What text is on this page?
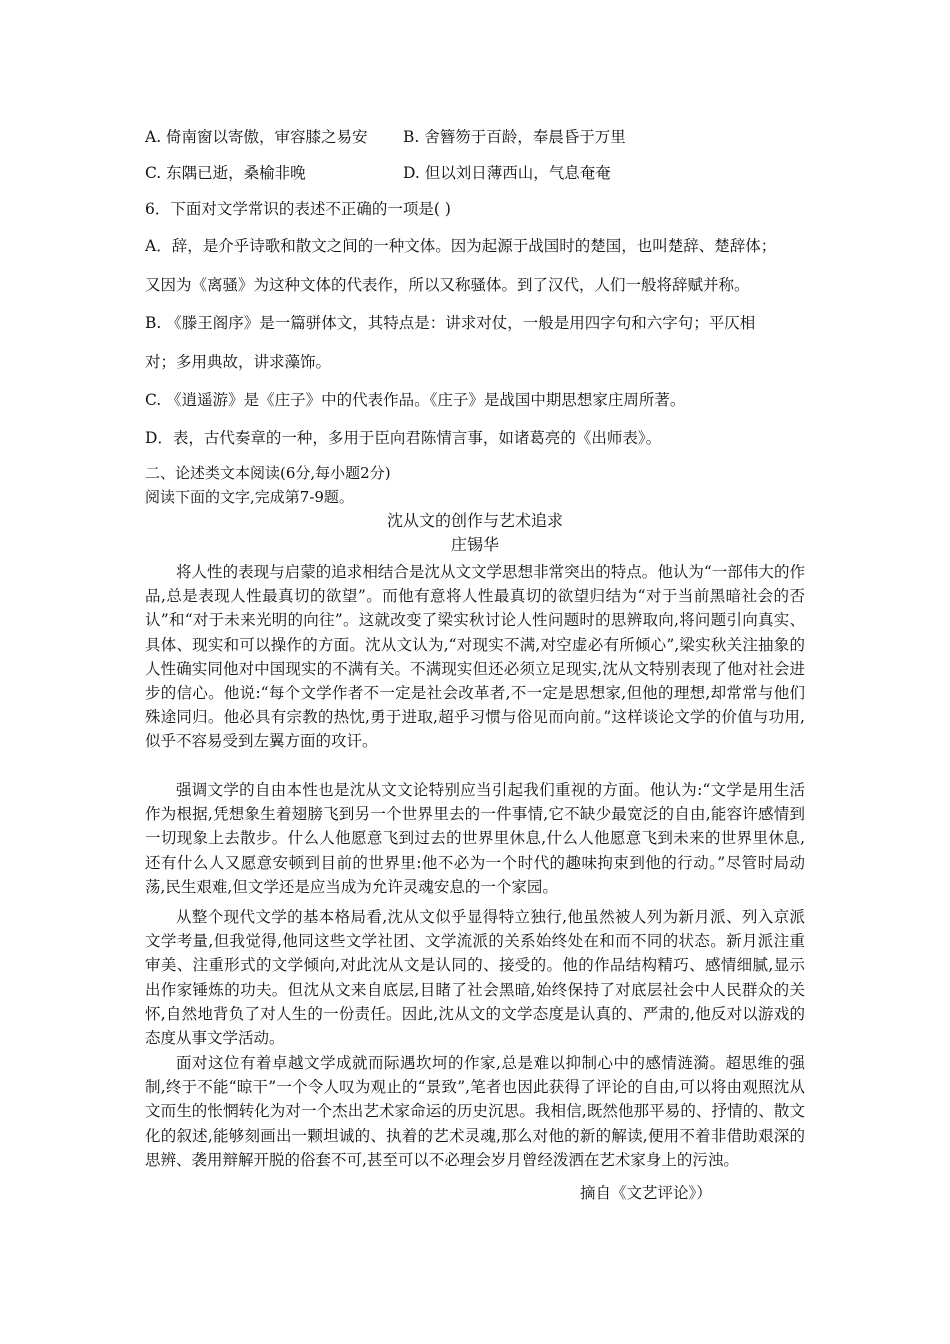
A. 倚南窗以寄傲，审容膝之易安 B. 舍簪笏于百龄，奉晨昏于万里
C. 东隅已逝，桑榆非晚	D. 但以刘日薄西山，气息奄奄
6．下面对文学常识的表述不正确的一项是( )
A．辞，是介乎诗歌和散文之间的一种文体。因为起源于战国时的楚国，也叫楚辞、楚辞体；
又因为《离骚》为这种文体的代表作，所以又称骚体。到了汉代，人们一般将辞赋并称。
B. 《滕王阁序》是一篇骈体文，其特点是：讲求对仗，一般是用四字句和六字句；平仄相
对；多用典故，讲求藻饰。
C. 《逍遥游》是《庄子》中的代表作品。《庄子》是战国中期思想家庄周所著。
D．表，古代奏章的一种，多用于臣向君陈情言事，如诸葛亮的《出师表》。
二、论述类文本阅读(6分,每小题2分)
阅读下面的文字,完成第7-9题。
沈从文的创作与艺术追求
庄锡华
将人性的表现与启蒙的追求相结合是沈从文文学思想非常突出的特点。他认为“一部伟大的作品,总是表现人性最真切的欲望”。而他有意将人性最真切的欲望归结为“对于当前黑暗社会的否认”和“对于未来光明的向往”。这就改变了梁实秋讨论人性问题时的思辨取向,将问题引向真实、具体、现实和可以操作的方面。沈从文认为,“对现实不满,对空虚必有所倾心”,梁实秋关注抽象的人性确实同他对中国现实的不满有关。不满现实但还必须立足现实,沈从文特别表现了他对社会进步的信心。他说:“每个文学作者不一定是社会改革者,不一定是思想家,但他的理想,却常常与他们殊途同归。他必具有宗教的热忱,勇于进取,超乎习惯与俗见而向前。”这样谈论文学的价值与功用,似乎不容易受到左翼方面的攻讦。
强调文学的自由本性也是沈从文文论特别应当引起我们重视的方面。他认为:“文学是用生活作为根据,凭想象生着翅膀飞到另一个世界里去的一件事情,它不缺少最宽泛的自由,能容许感情到一切现象上去散步。什么人他愿意飞到过去的世界里休息,什么人他愿意飞到未来的世界里休息,还有什么人又愿意安顿到目前的世界里:他不必为一个时代的趣味拘束到他的行动。”尽管时局动荡,民生艰难,但文学还是应当成为允许灵魂安息的一个家园。
从整个现代文学的基本格局看,沈从文似乎显得特立独行,他虽然被人列为新月派、列入京派文学考量,但我觉得,他同这些文学社团、文学流派的关系始终处在和而不同的状态。新月派注重审美、注重形式的文学倾向,对此沈从文是认同的、接受的。他的作品结构精巧、感情细腻,显示出作家锤炼的功夫。但沈从文来自底层,目睹了社会黑暗,始终保持了对底层社会中人民群众的关怀,自然地背负了对人生的一份责任。因此,沈从文的文学态度是认真的、严肃的,他反对以游戏的态度从事文学活动。
面对这位有着卓越文学成就而际遇坎坷的作家,总是难以抑制心中的感情涟漪。超思维的强制,终于不能“晾干”一个令人叹为观止的“景致”,笔者也因此获得了评论的自由,可以将由观照沈从文而生的怅惘转化为对一个杰出艺术家命运的历史沉思。我相信,既然他那平易的、抒情的、散文化的叙述,能够刻画出一颗坦诚的、执着的艺术灵魂,那么对他的新的解读,便用不着非借助艰深的思辨、袭用辩解开脱的俗套不可,甚至可以不必理会岁月曾经泼洒在艺术家身上的污浊。
摘自《文艺评论》）
